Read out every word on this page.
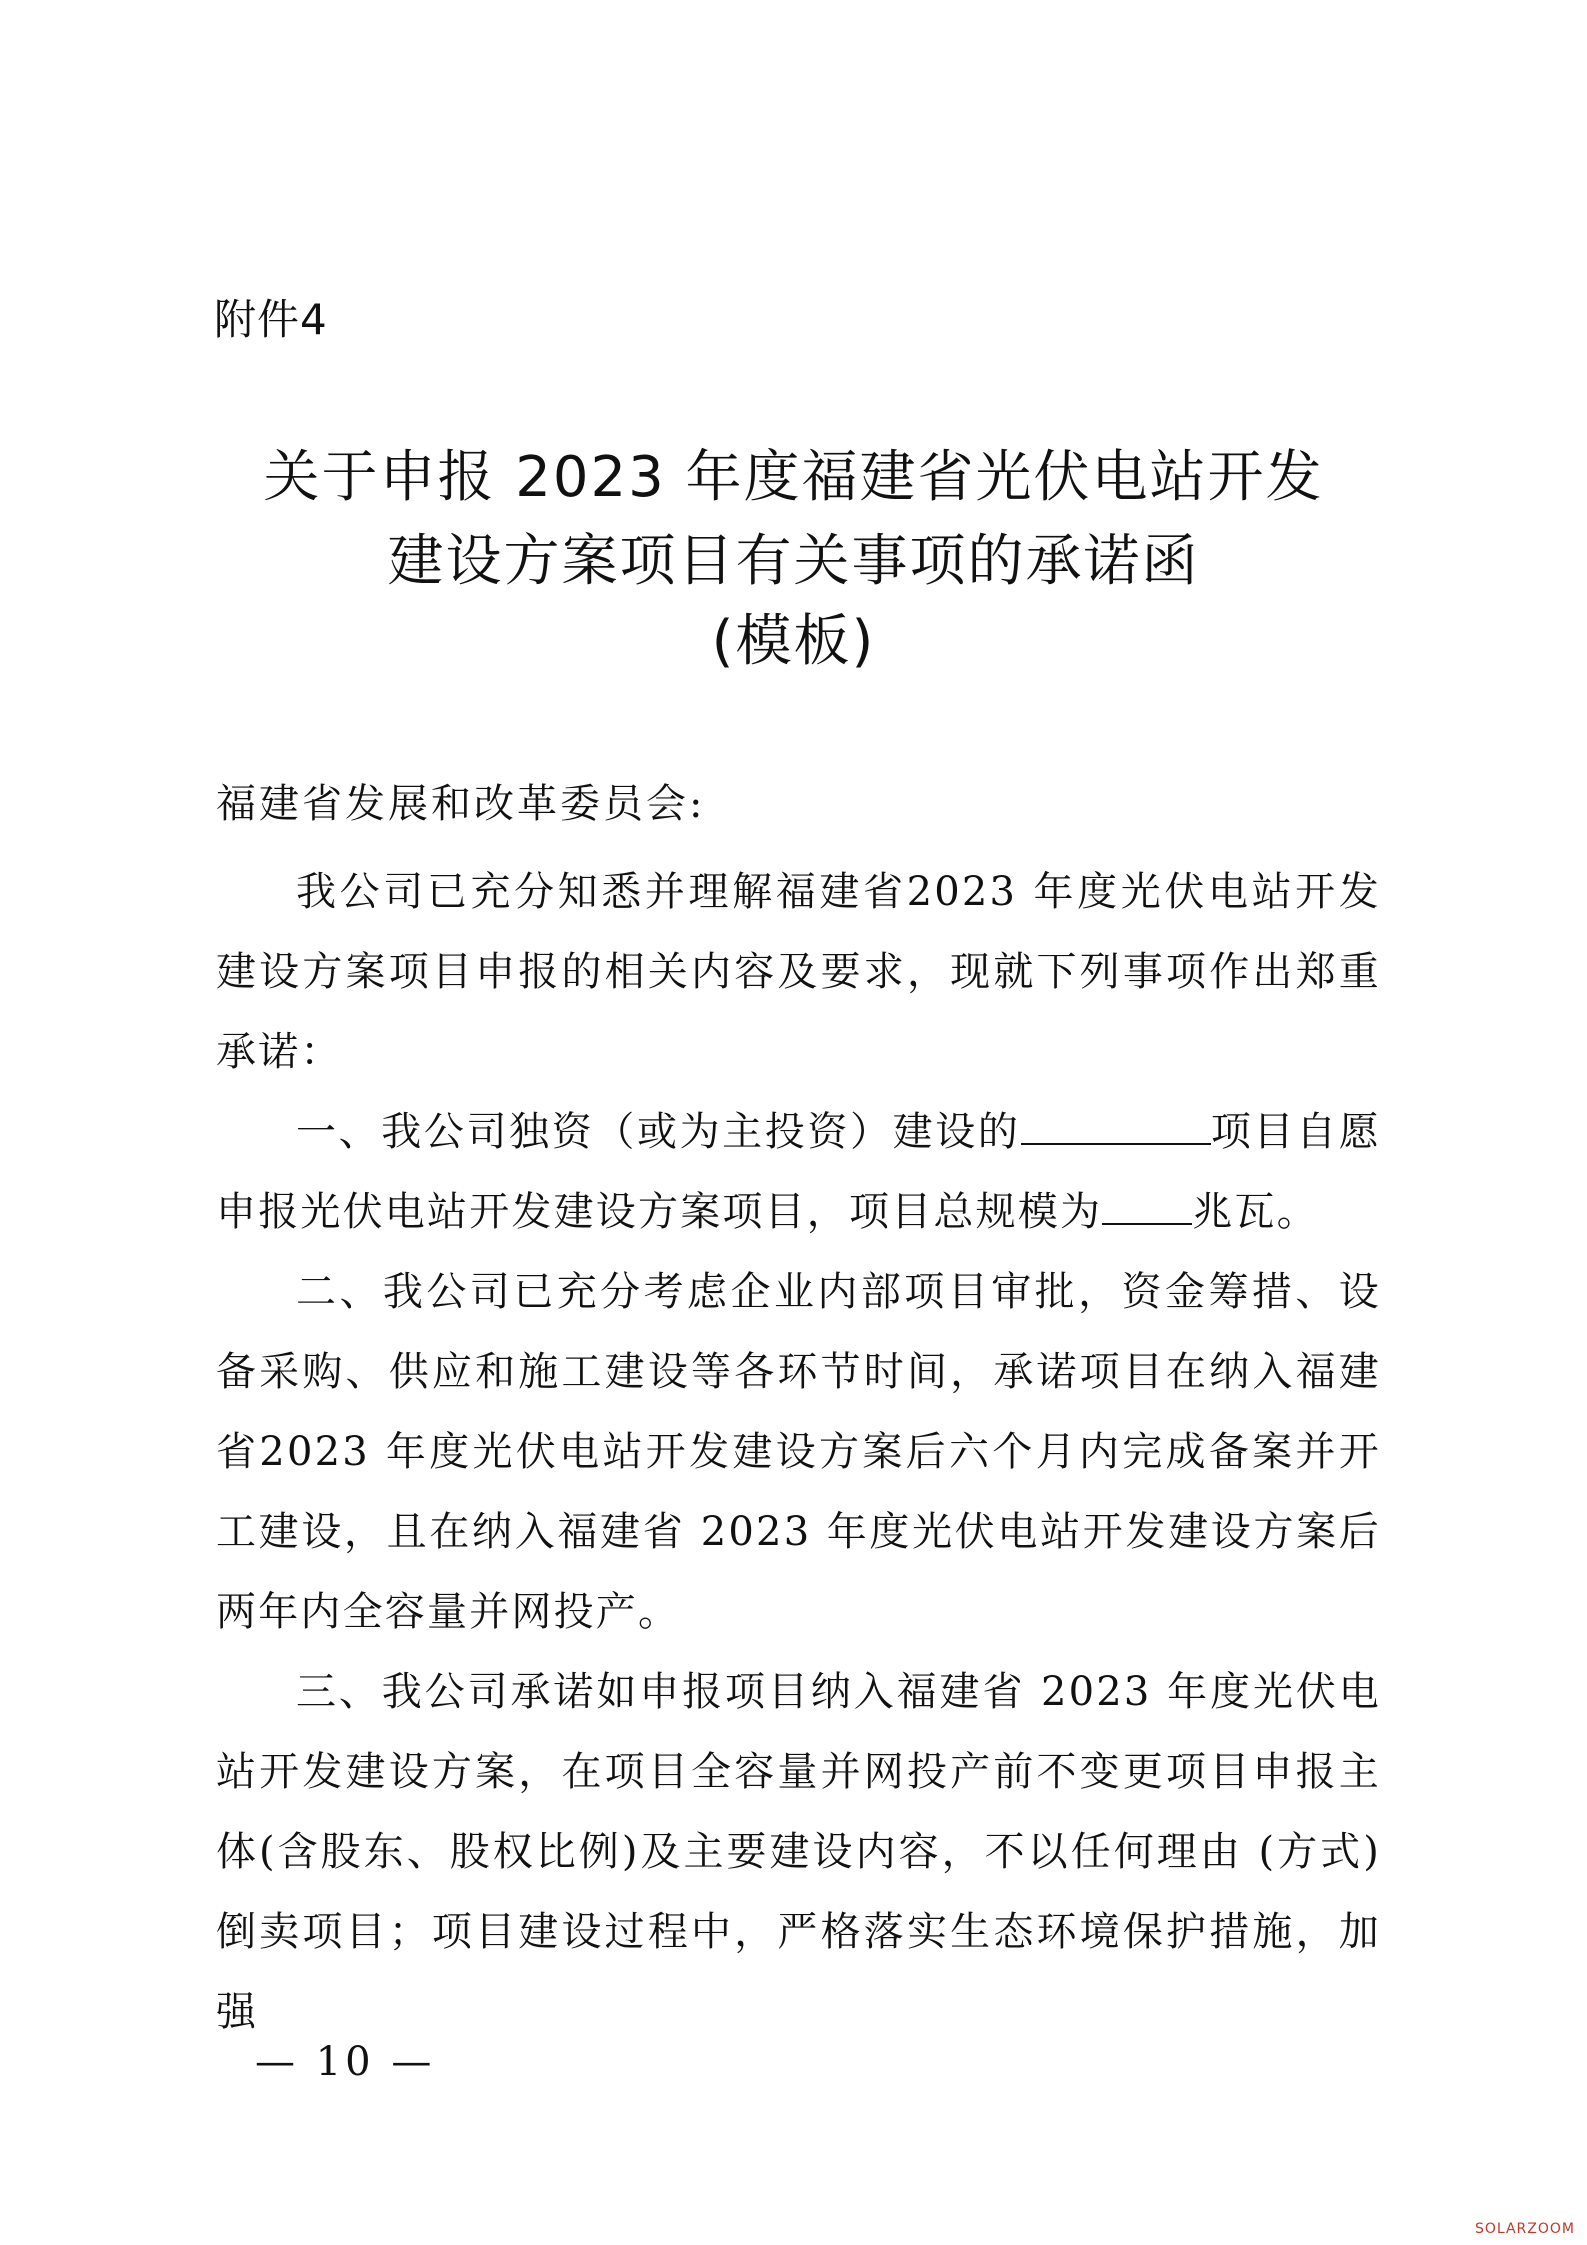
附件4
关于申报 2023 年度福建省光伏电站开发
建设方案项目有关事项的承诺函
(模板)
福建省发展和改革委员会:

我公司已充分知悉并理解福建省2023 年度光伏电站开发建设方案项目申报的相关内容及要求，现就下列事项作出郑重承诺：

一、我公司独资（或为主投资）建设的	项目自愿申报光伏电站开发建设方案项目，项目总规模为 兆瓦。

二、我公司已充分考虑企业内部项目审批，资金筹措、设备采购、供应和施工建设等各环节时间，承诺项目在纳入福建省2023 年度光伏电站开发建设方案后六个月内完成备案并开工建设，且在纳入福建省 2023 年度光伏电站开发建设方案后两年内全容量并网投产。

三、我公司承诺如申报项目纳入福建省 2023 年度光伏电站开发建设方案，在项目全容量并网投产前不变更项目申报主体(含股东、股权比例)及主要建设内容，不以任何理由 (方式)倒卖项目；项目建设过程中，严格落实生态环境保护措施，加强

— 10 —
SOLARZOOM
